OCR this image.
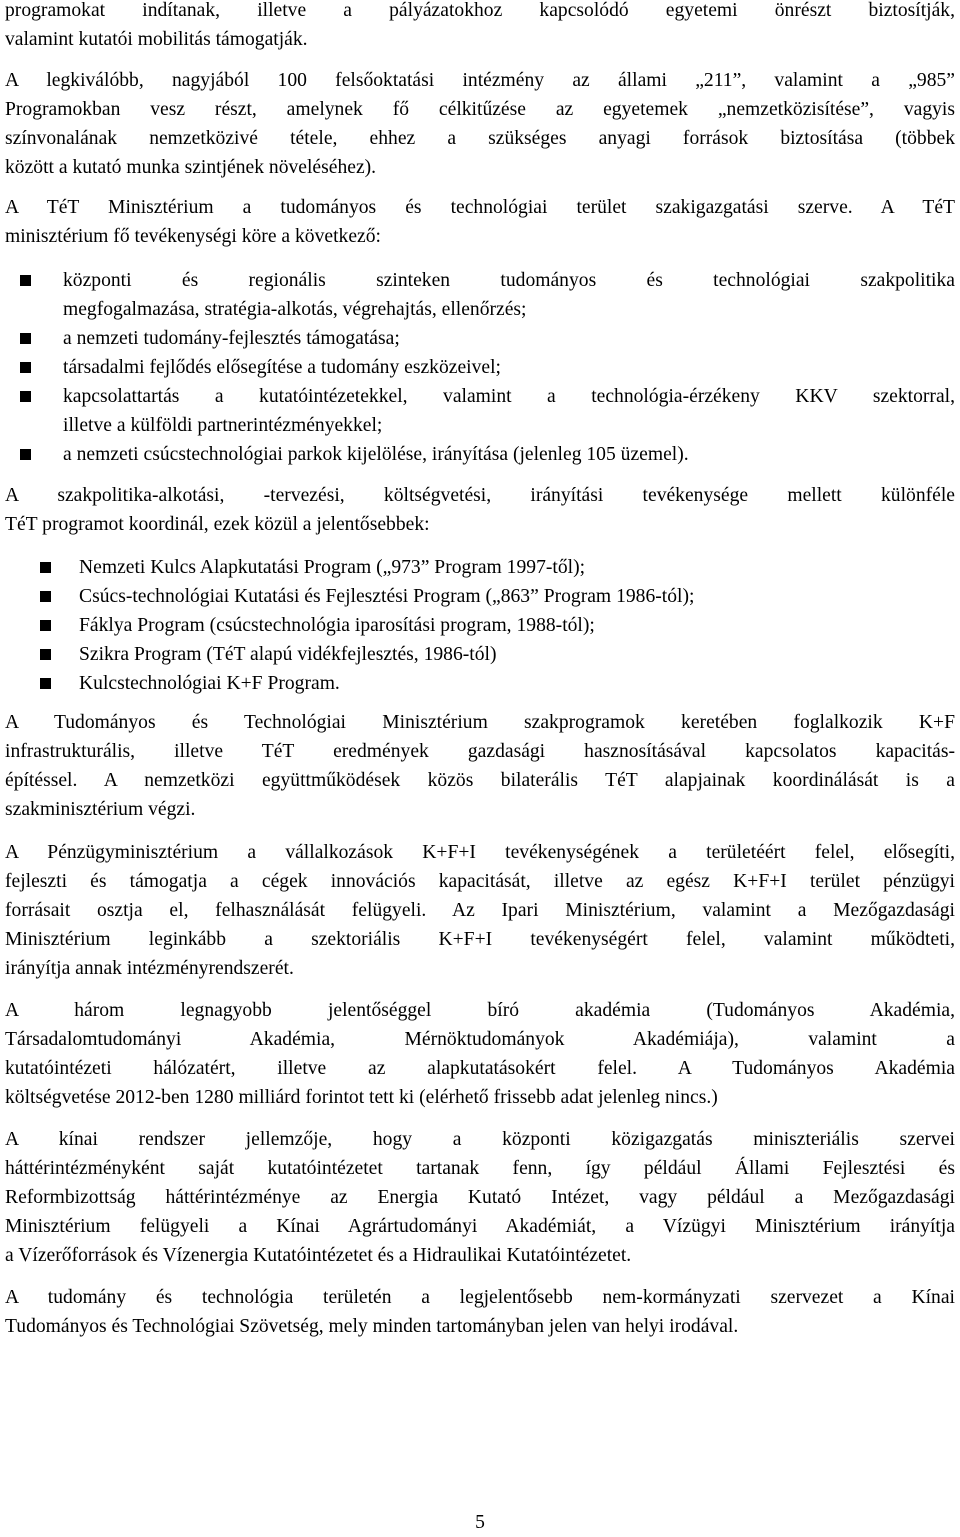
programokat indítanak, illetve a pályázatokhoz kapcsolódó egyetemi önrészt biztosítják,
valamint kutatói mobilitás támogatják.

A legkiválóbb, nagyjából 100 felsőoktatási intézmény az állami „211”, valamint a „985”
Programokban vesz részt, amelynek fő célkitűzése az egyetemek „nemzetközisítése”, vagyis
színvonalának nemzetközivé tétele, ehhez a szükséges anyagi források biztosítása (többek
között a kutató munka szintjének növeléséhez).

A TéT Minisztérium a tudományos és technológiai terület szakigazgatási szerve. A TéT
minisztérium fő tevékenységi köre a következő:

központi és regionális szinteken tudományos és technológiai szakpolitika
megfogalmazása, stratégia-alkotás, végrehajtás, ellenőrzés;
a nemzeti tudomány-fejlesztés támogatása;
társadalmi fejlődés elősegítése a tudomány eszközeivel;
kapcsolattartás a kutatóintézetekkel, valamint a technológia-érzékeny KKV szektorral,
illetve a külföldi partnerintézményekkel;
a nemzeti csúcstechnológiai parkok kijelölése, irányítása (jelenleg 105 üzemel).

A szakpolitika-alkotási, -tervezési, költségvetési, irányítási tevékenysége mellett különféle
TéT programot koordinál, ezek közül a jelentősebbek:

Nemzeti Kulcs Alapkutatási Program („973” Program 1997-től);
Csúcs-technológiai Kutatási és Fejlesztési Program („863” Program 1986-tól);
Fáklya Program (csúcstechnológia iparosítási program, 1988-tól);
Szikra Program (TéT alapú vidékfejlesztés, 1986-tól)
Kulcstechnológiai K+F Program.

A Tudományos és Technológiai Minisztérium szakprogramok keretében foglalkozik K+F
infrastrukturális, illetve TéT eredmények gazdasági hasznosításával kapcsolatos kapacitás-
építéssel. A nemzetközi együttműködések közös bilaterális TéT alapjainak koordinálását is a
szakminisztérium végzi.

A Pénzügyminisztérium a vállalkozások K+F+I tevékenységének a területéért felel, elősegíti,
fejleszti és támogatja a cégek innovációs kapacitását, illetve az egész K+F+I terület pénzügyi
forrásait osztja el, felhasználását felügyeli. Az Ipari Minisztérium, valamint a Mezőgazdasági
Minisztérium leginkább a szektoriális K+F+I tevékenységért felel, valamint működteti,
irányítja annak intézményrendszerét.

A három legnagyobb jelentőséggel bíró akadémia (Tudományos Akadémia,
Társadalomtudományi Akadémia, Mérnöktudományok Akadémiája), valamint a
kutatóintézeti hálózatért, illetve az alapkutatásokért felel. A Tudományos Akadémia
költségvetése 2012-ben 1280 milliárd forintot tett ki (elérhető frissebb adat jelenleg nincs.)

A kínai rendszer jellemzője, hogy a központi közigazgatás miniszteriális szervei
háttérintézményként saját kutatóintézetet tartanak fenn, így például Állami Fejlesztési és
Reformbizottság háttérintézménye az Energia Kutató Intézet, vagy például a Mezőgazdasági
Minisztérium felügyeli a Kínai Agrártudományi Akadémiát, a Vízügyi Minisztérium irányítja
a Vízerőforrások és Vízenergia Kutatóintézetet és a Hidraulikai Kutatóintézetet.

A tudomány és technológia területén a legjelentősebb nem-kormányzati szervezet a Kínai
Tudományos és Technológiai Szövetség, mely minden tartományban jelen van helyi irodával.

5
